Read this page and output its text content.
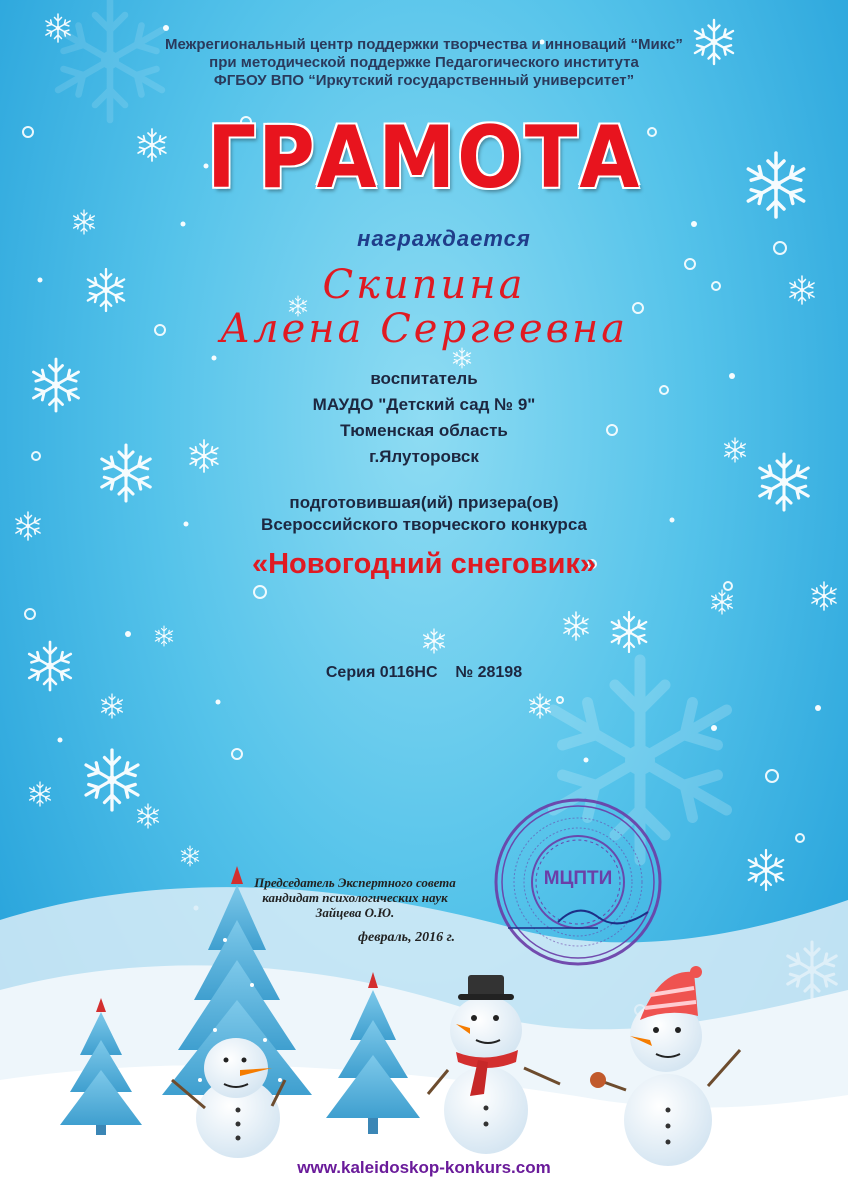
МЦПТИ
Межрегиональный центр поддержки творчества и инноваций “Микс”
при методической поддержке Педагогического института
ФГБОУ ВПО “Иркутский государственный университет”
ГРАМОТА
награждается
Скипина
Алена Сергеевна
воспитатель
МАУДО "Детский сад № 9"
Тюменская область
г.Ялуторовск
подготовившая(ий) призера(ов)
Всероссийского творческого конкурса
«Новогодний снеговик»
Серия 0116НС № 28198
Председатель Экспертного совета
кандидат психологических наук
Зайцева О.Ю.
февраль, 2016 г.
www.kaleidoskop-konkurs.com
